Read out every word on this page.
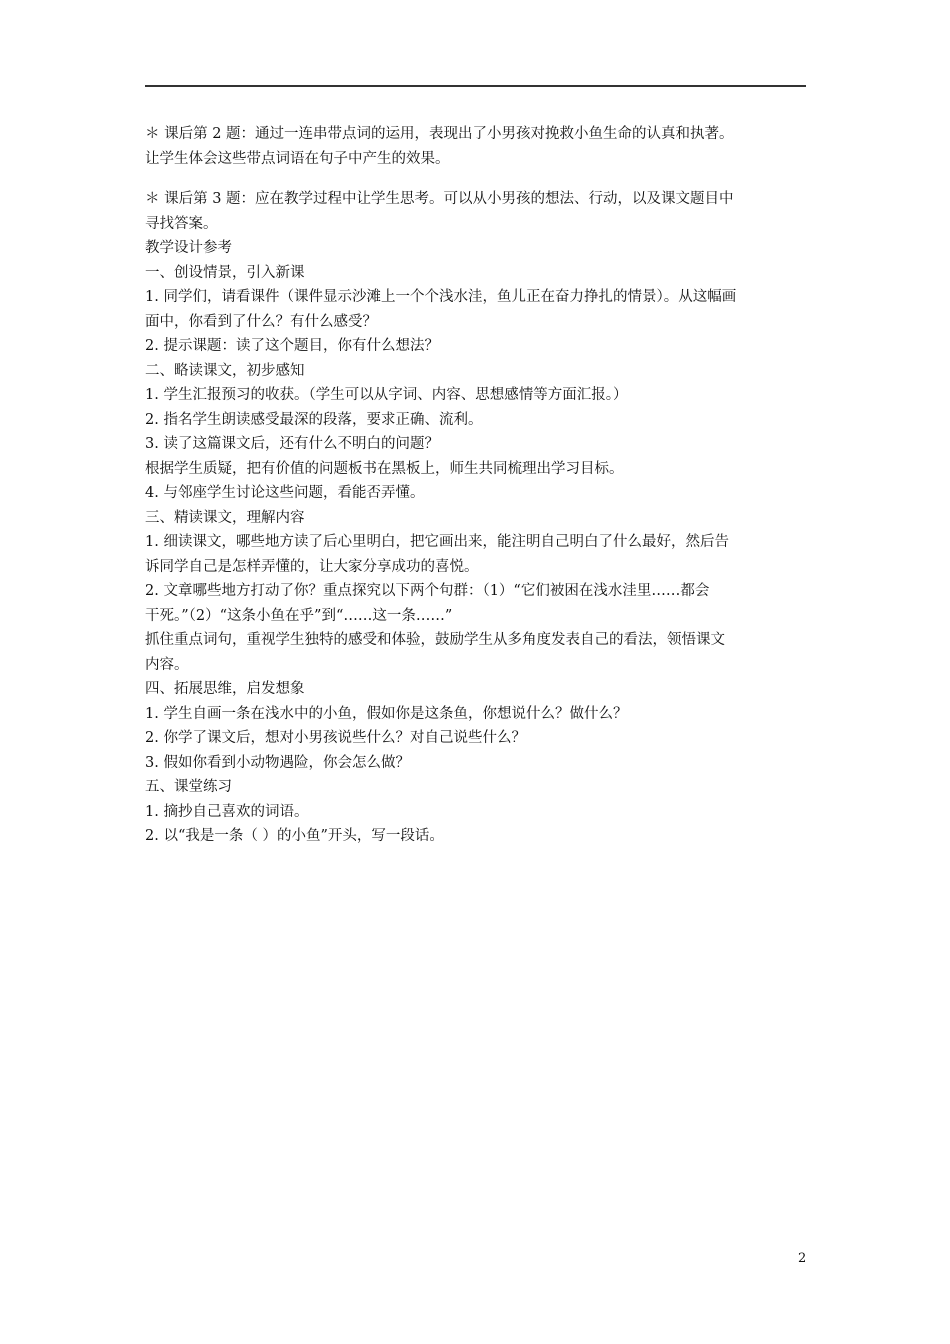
＊ 课后第 2 题：通过一连串带点词的运用，表现出了小男孩对挽救小鱼生命的认真和执著。
让学生体会这些带点词语在句子中产生的效果。
＊ 课后第 3 题：应在教学过程中让学生思考。可以从小男孩的想法、行动，以及课文题目中
寻找答案。
教学设计参考
一、创设情景，引入新课
1. 同学们，请看课件（课件显示沙滩上一个个浅水洼，鱼儿正在奋力挣扎的情景）。从这幅画
面中，你看到了什么？有什么感受？
2. 提示课题：读了这个题目，你有什么想法？
二、略读课文，初步感知
1. 学生汇报预习的收获。（学生可以从字词、内容、思想感情等方面汇报。）
2. 指名学生朗读感受最深的段落，要求正确、流利。
3. 读了这篇课文后，还有什么不明白的问题？
根据学生质疑，把有价值的问题板书在黑板上，师生共同梳理出学习目标。
4. 与邻座学生讨论这些问题，看能否弄懂。
三、精读课文，理解内容
1. 细读课文，哪些地方读了后心里明白，把它画出来，能注明自己明白了什么最好，然后告
诉同学自己是怎样弄懂的，让大家分享成功的喜悦。
2. 文章哪些地方打动了你？重点探究以下两个句群：（1）“它们被困在浅水洼里……都会
干死。”（2）“这条小鱼在乎”到“……这一条……”
抓住重点词句，重视学生独特的感受和体验，鼓励学生从多角度发表自己的看法，领悟课文
内容。
四、拓展思维，启发想象
1. 学生自画一条在浅水中的小鱼，假如你是这条鱼，你想说什么？做什么？
2. 你学了课文后，想对小男孩说些什么？对自己说些什么？
3. 假如你看到小动物遇险，你会怎么做？
五、课堂练习
1. 摘抄自己喜欢的词语。
2. 以“我是一条（ ）的小鱼”开头，写一段话。
2
